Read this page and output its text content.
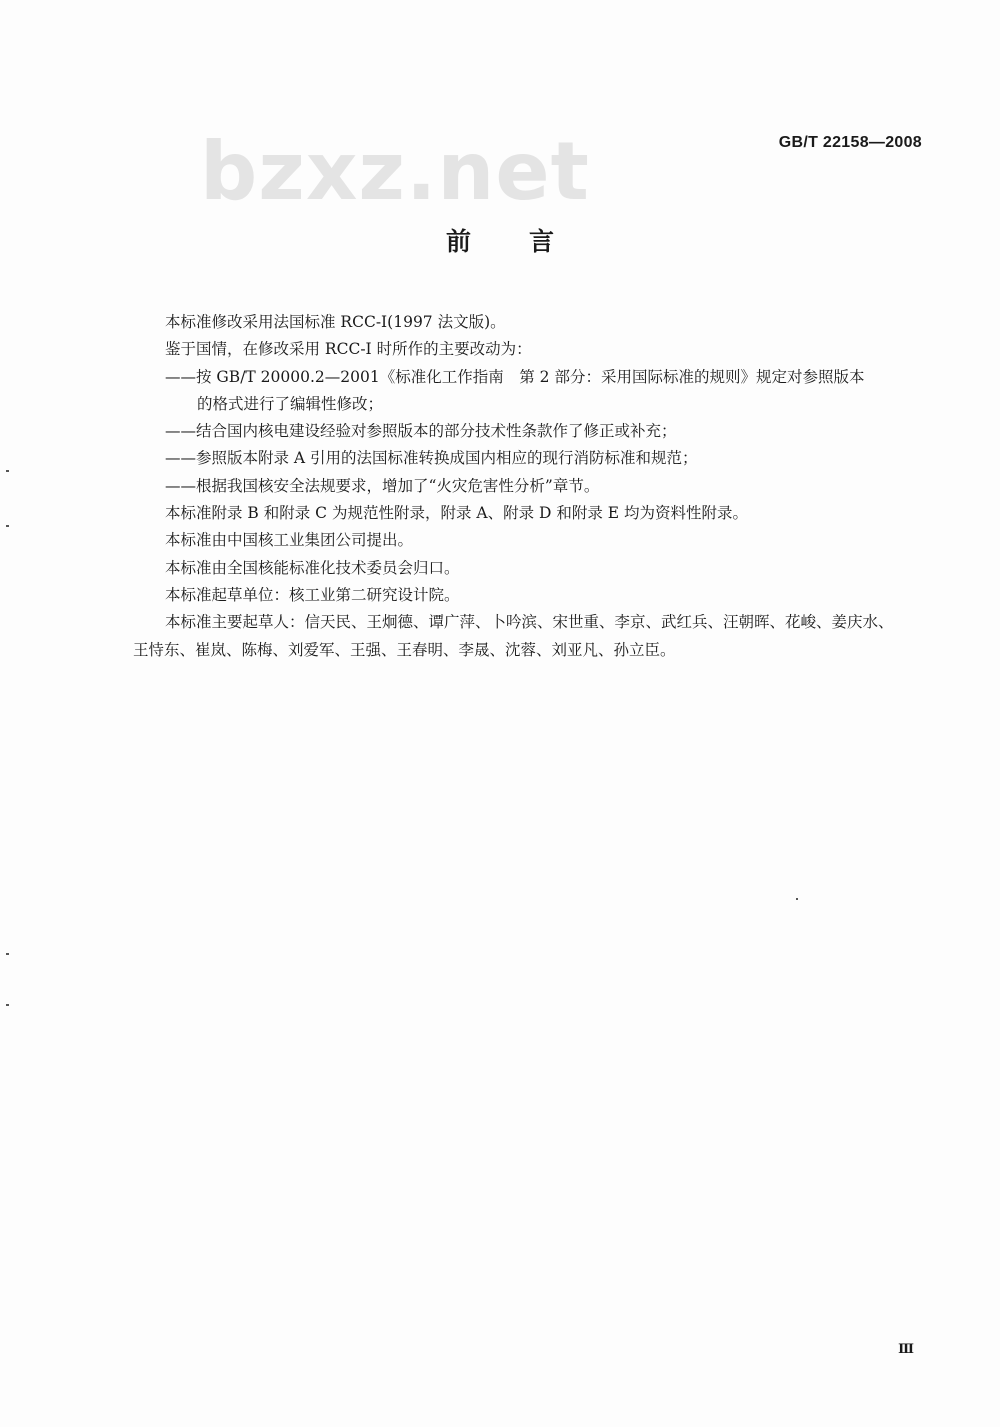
bzxz.net	GB/T 22158—2008
前言

本标准修改采用法国标准 RCC-I(1997 法文版)。

鉴于国情，在修改采用 RCC-I 时所作的主要改动为：

——按 GB/T 20000.2—2001《标准化工作指南　第 2 部分：采用国际标准的规则》规定对参照版本

的格式进行了编辑性修改；

——结合国内核电建设经验对参照版本的部分技术性条款作了修正或补充；

——参照版本附录 A 引用的法国标准转换成国内相应的现行消防标准和规范；

——根据我国核安全法规要求，增加了“火灾危害性分析”章节。

本标准附录 B 和附录 C 为规范性附录，附录 A、附录 D 和附录 E 均为资料性附录。

本标准由中国核工业集团公司提出。

本标准由全国核能标准化技术委员会归口。

本标准起草单位：核工业第二研究设计院。

本标准主要起草人：信天民、王炯德、谭广萍、卜吟滨、宋世重、李京、武红兵、汪朝晖、花峻、姜庆水、

王恃东、崔岚、陈梅、刘爱军、王强、王春明、李晟、沈蓉、刘亚凡、孙立臣。

Ⅲ
